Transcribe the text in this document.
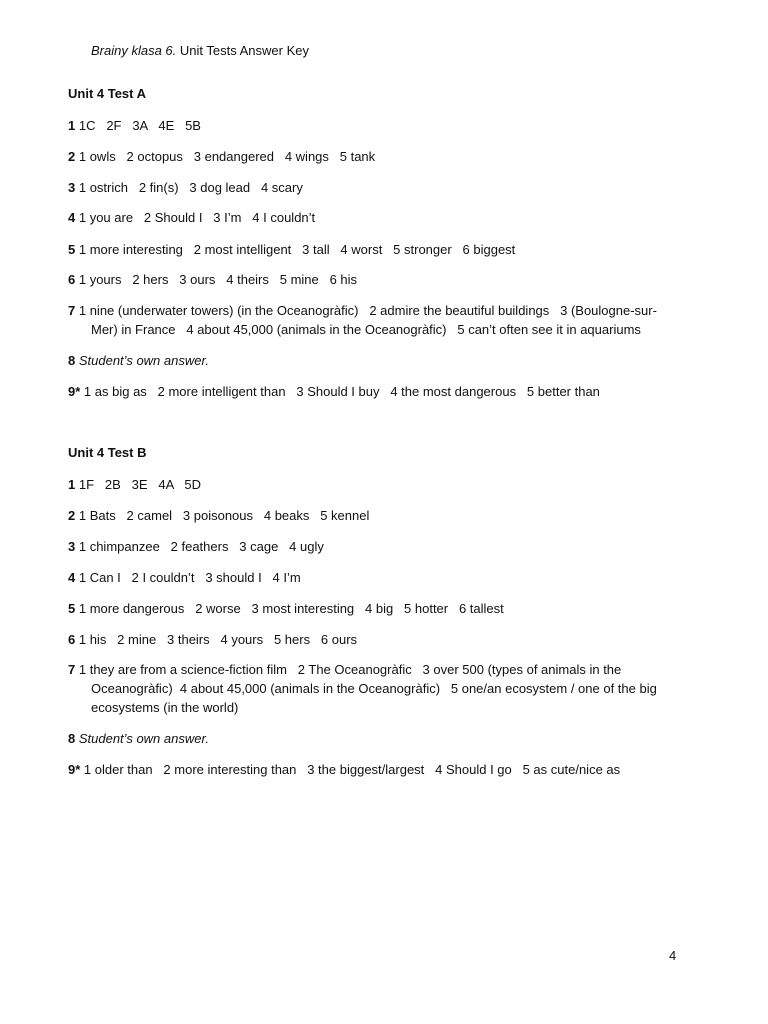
Brainy klasa 6. Unit Tests Answer Key
Unit 4 Test A
1 1C   2F   3A   4E   5B
2 1 owls   2 octopus   3 endangered   4 wings   5 tank
3 1 ostrich   2 fin(s)   3 dog lead   4 scary
4 1 you are   2 Should I   3 I’m   4 I couldn’t
5 1 more interesting   2 most intelligent   3 tall   4 worst   5 stronger   6 biggest
6 1 yours   2 hers   3 ours   4 theirs   5 mine   6 his
7 1 nine (underwater towers) (in the Oceanogràfic)   2 admire the beautiful buildings   3 (Boulogne-sur-
Mer) in France   4 about 45,000 (animals in the Oceanogràfic)   5 can’t often see it in aquariums
8 Student’s own answer.
9* 1 as big as   2 more intelligent than   3 Should I buy   4 the most dangerous   5 better than
Unit 4 Test B
1 1F   2B   3E   4A   5D
2 1 Bats   2 camel   3 poisonous   4 beaks   5 kennel
3 1 chimpanzee   2 feathers   3 cage   4 ugly
4 1 Can I   2 I couldn’t   3 should I   4 I’m
5 1 more dangerous   2 worse   3 most interesting   4 big   5 hotter   6 tallest
6 1 his   2 mine   3 theirs   4 yours   5 hers   6 ours
7 1 they are from a science-fiction film   2 The Oceanogràfic   3 over 500 (types of animals in the
Oceanogràfic)  4 about 45,000 (animals in the Oceanogràfic)   5 one/an ecosystem / one of the big ecosystems (in the world)
8 Student’s own answer.
9* 1 older than   2 more interesting than   3 the biggest/largest   4 Should I go   5 as cute/nice as
4
